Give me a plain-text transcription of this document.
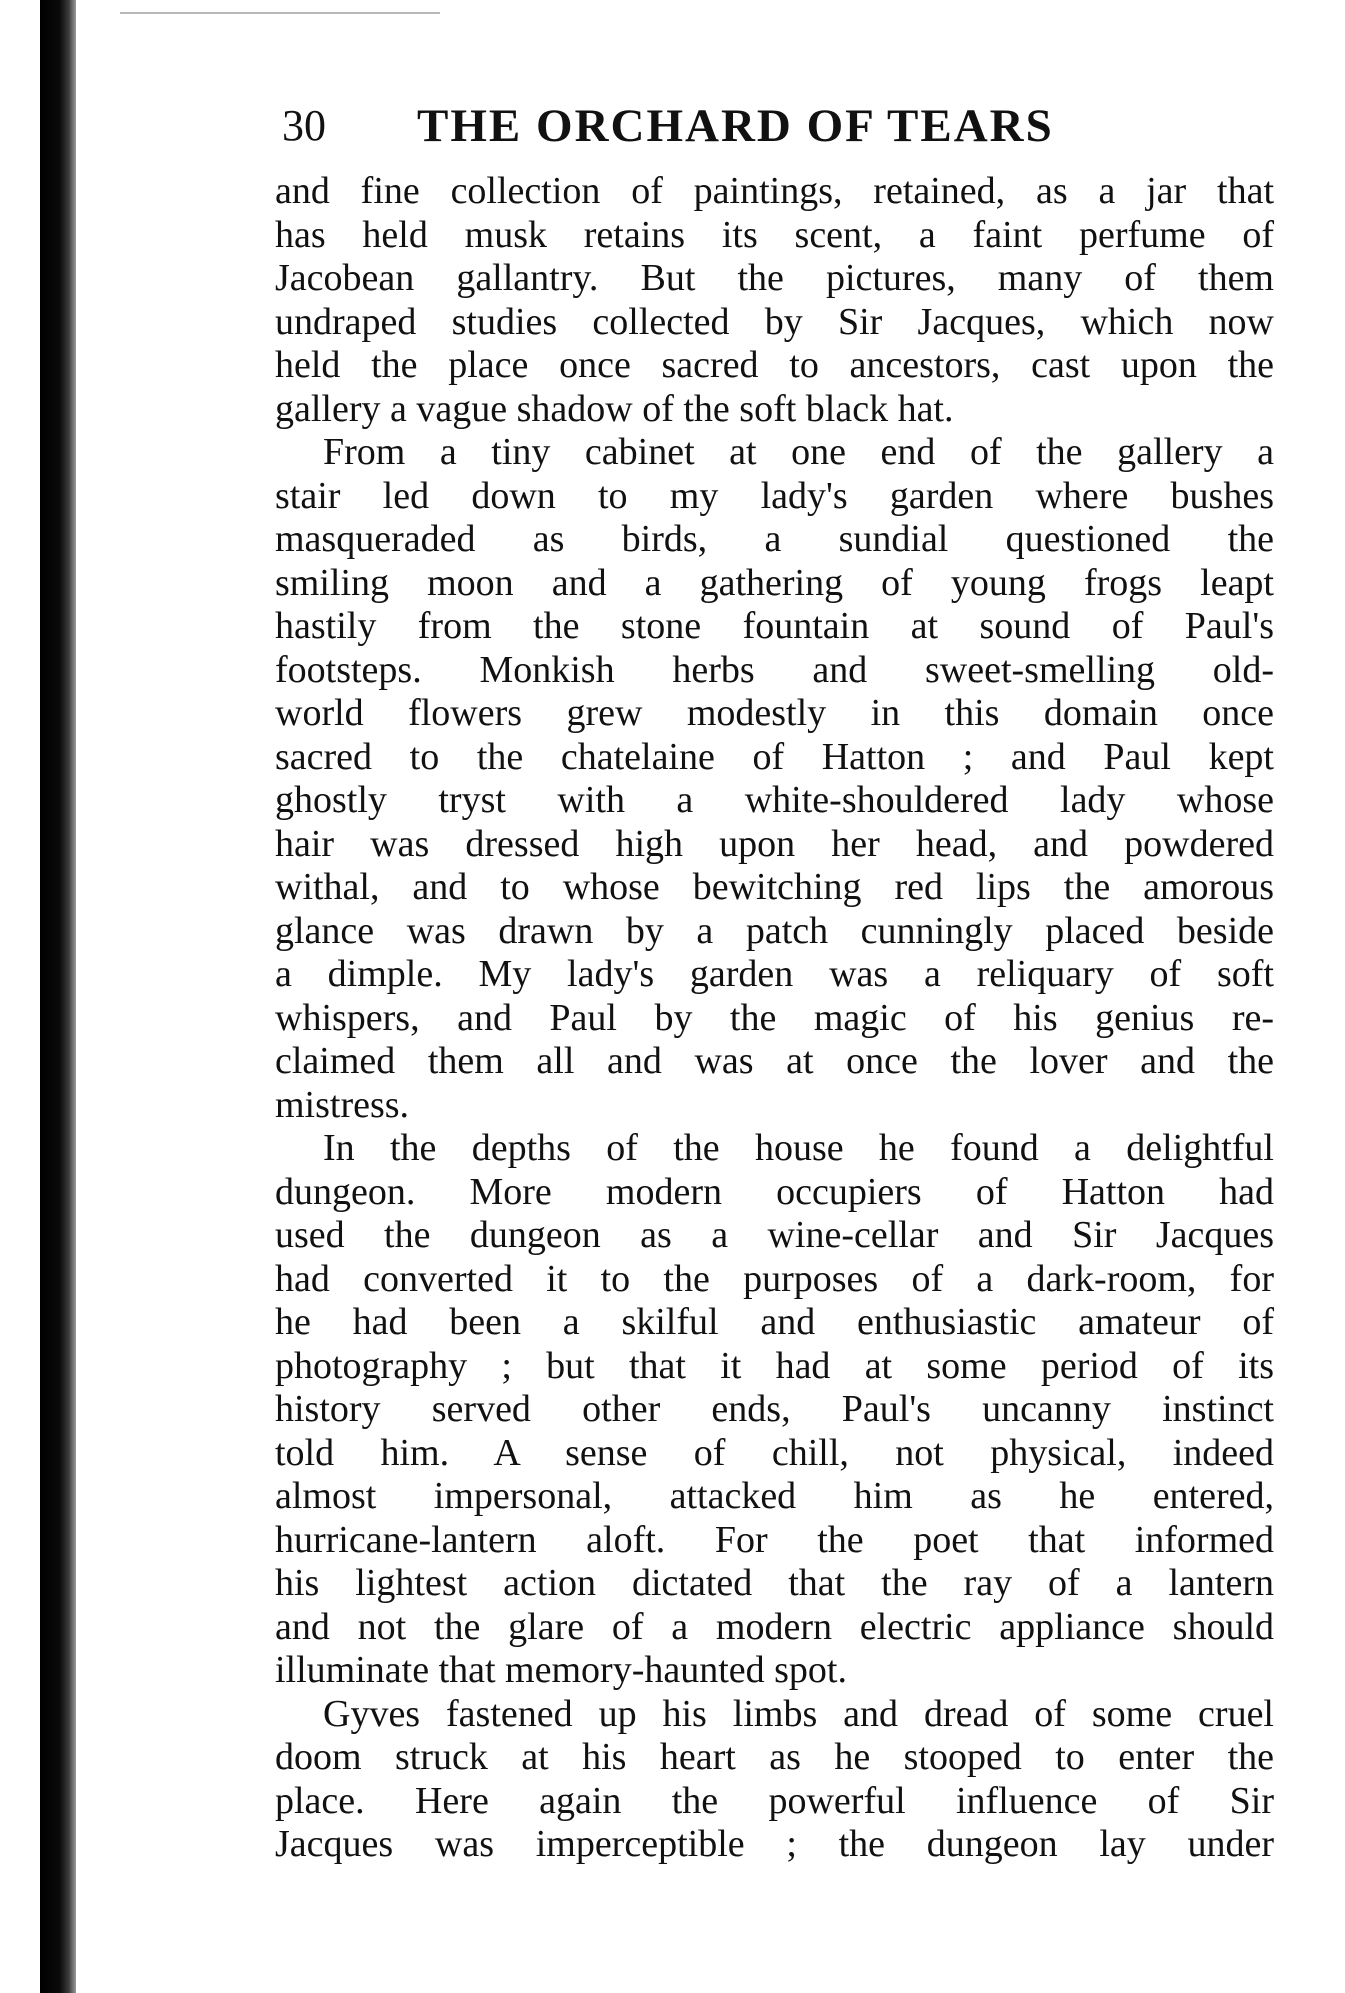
30 THE ORCHARD OF TEARS
and fine collection of paintings, retained, as a jar that
has held musk retains its scent, a faint perfume of
Jacobean gallantry. But the pictures, many of them
undraped studies collected by Sir Jacques, which now
held the place once sacred to ancestors, cast upon the
gallery a vague shadow of the soft black hat.
From a tiny cabinet at one end of the gallery a
stair led down to my lady's garden where bushes
masqueraded as birds, a sundial questioned the
smiling moon and a gathering of young frogs leapt
hastily from the stone fountain at sound of Paul's
footsteps. Monkish herbs and sweet-smelling old-
world flowers grew modestly in this domain once
sacred to the chatelaine of Hatton ; and Paul kept
ghostly tryst with a white-shouldered lady whose
hair was dressed high upon her head, and powdered
withal, and to whose bewitching red lips the amorous
glance was drawn by a patch cunningly placed beside
a dimple. My lady's garden was a reliquary of soft
whispers, and Paul by the magic of his genius re-
claimed them all and was at once the lover and the
mistress.
In the depths of the house he found a delightful
dungeon. More modern occupiers of Hatton had
used the dungeon as a wine-cellar and Sir Jacques
had converted it to the purposes of a dark-room, for
he had been a skilful and enthusiastic amateur of
photography ; but that it had at some period of its
history served other ends, Paul's uncanny instinct
told him. A sense of chill, not physical, indeed
almost impersonal, attacked him as he entered,
hurricane-lantern aloft. For the poet that informed
his lightest action dictated that the ray of a lantern
and not the glare of a modern electric appliance should
illuminate that memory-haunted spot.
Gyves fastened up his limbs and dread of some cruel
doom struck at his heart as he stooped to enter the
place. Here again the powerful influence of Sir
Jacques was imperceptible ; the dungeon lay under
